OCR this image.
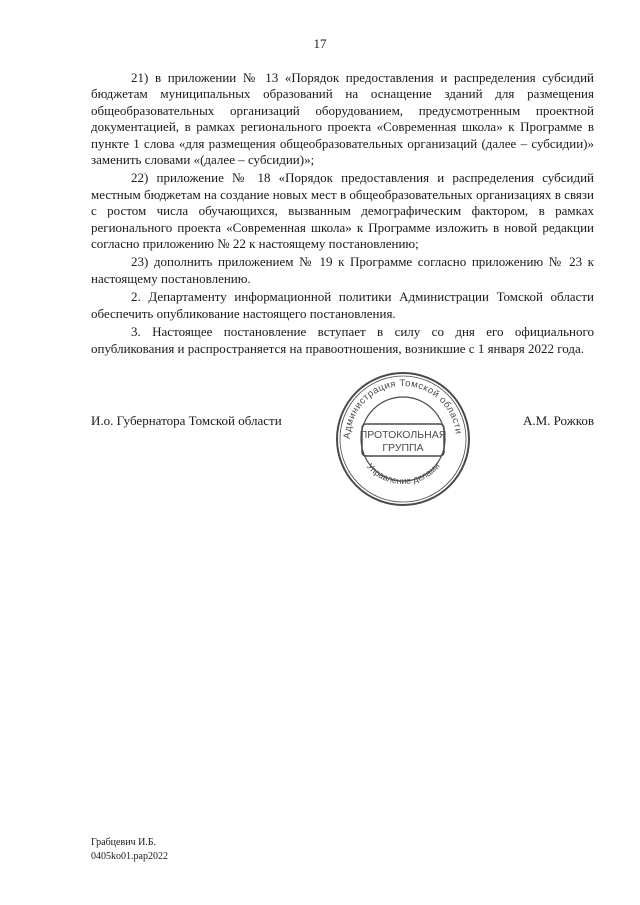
17

21) в приложении № 13 «Порядок предоставления и распределения субсидий бюджетам муниципальных образований на оснащение зданий для размещения общеобразовательных организаций оборудованием, предусмотренным проектной документацией, в рамках регионального проекта «Современная школа» к Программе в пункте 1 слова «для размещения общеобразовательных организаций (далее – субсидии)» заменить словами «(далее – субсидии)»;

22) приложение № 18 «Порядок предоставления и распределения субсидий местным бюджетам на создание новых мест в общеобразовательных организациях в связи с ростом числа обучающихся, вызванным демографическим фактором, в рамках регионального проекта «Современная школа» к Программе изложить в новой редакции согласно приложению № 22 к настоящему постановлению;

23) дополнить приложением № 19 к Программе согласно приложению № 23 к настоящему постановлению.

2. Департаменту информационной политики Администрации Томской области обеспечить опубликование настоящего постановления.

3. Настоящее постановление вступает в силу со дня его официального опубликования и распространяется на правоотношения, возникшие с 1 января 2022 года.

Администрация Томской области
Управление делами
ПРОТОКОЛЬНАЯ
ГРУППА
И.о. Губернатора Томской области	А.М. Рожков
Грабцевич И.Б.
0405ko01.pap2022
